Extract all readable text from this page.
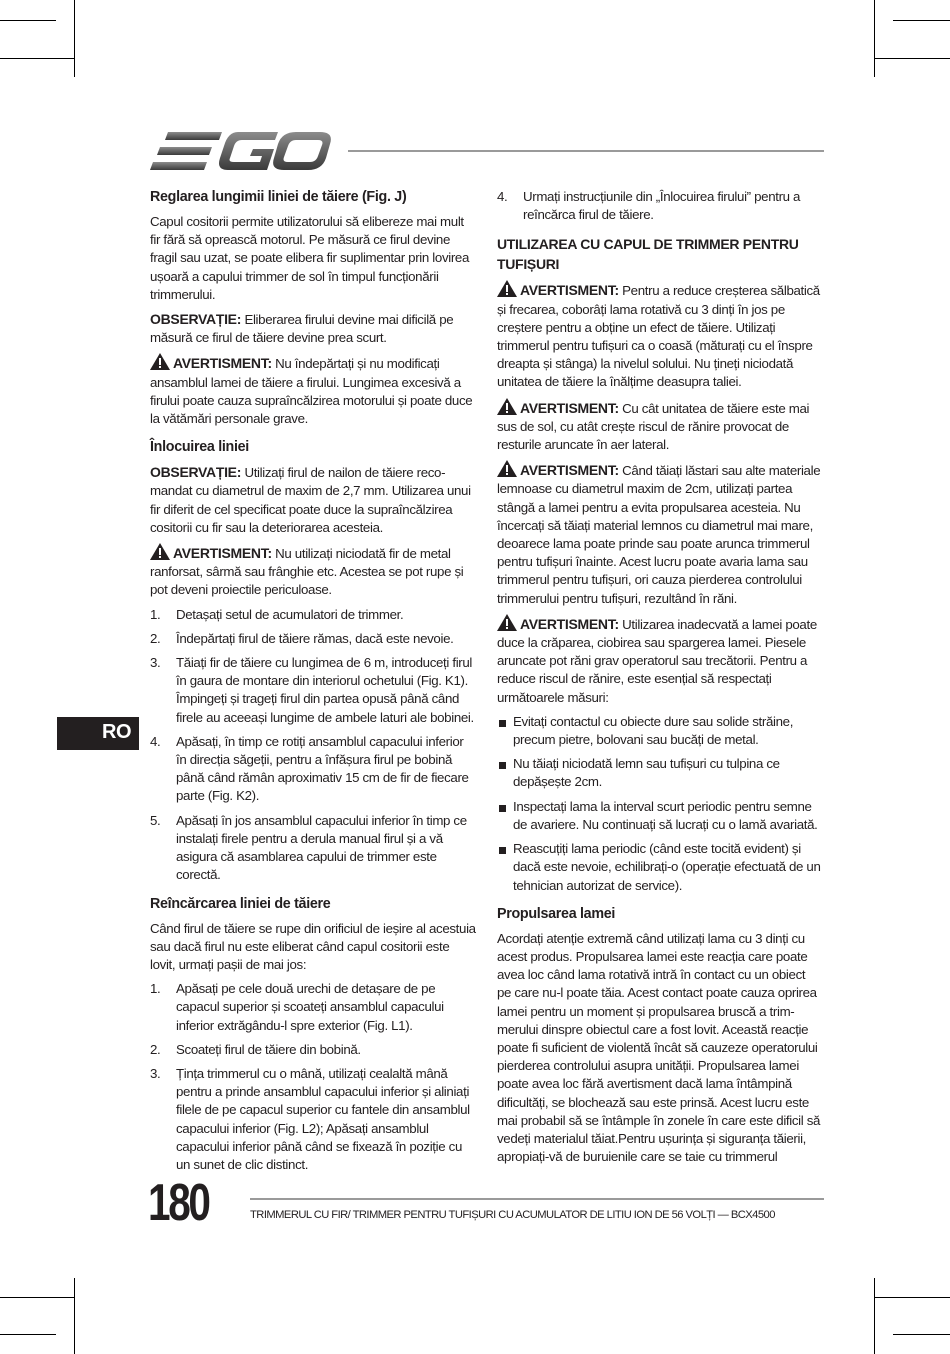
Reglarea lungimii liniei de tăiere (Fig. J)

Capul cositorii permite utilizatorului să elibereze mai mult fir fără să oprească motorul. Pe măsură ce firul devine fragil sau uzat, se poate elibera fir suplimentar prin lovirea ușoară a capului trimmer de sol în timpul funcționării trimmerului.

OBSERVAȚIE: Eliberarea firului devine mai dificilă pe măsură ce firul de tăiere devine prea scurt.

AVERTISMENT: Nu îndepărtați și nu modificați ansamblul lamei de tăiere a firului. Lungimea excesivă a firului poate cauza supraîncălzirea motorului și poate duce la vătămări personale grave.

Înlocuirea liniei

OBSERVAȚIE: Utilizați firul de nailon de tăiere reco-mandat cu diametrul de maxim de 2,7 mm. Utilizarea unui fir diferit de cel specificat poate duce la supraîncălzirea cositorii cu fir sau la deteriorarea acesteia.

AVERTISMENT: Nu utilizați niciodată fir de metal ranforsat, sârmă sau frânghie etc. Acestea se pot rupe și pot deveni proiectile periculoase.

1. Detașați setul de acumulatori de trimmer.
2. Îndepărtați firul de tăiere rămas, dacă este nevoie.
3. Tăiați fir de tăiere cu lungimea de 6 m, introduceți firul în gaura de montare din interiorul ochetului (Fig. K1). Împingeți și trageți firul din partea opusă până când firele au aceeași lungime de ambele laturi ale bobinei.
4. Apăsați, în timp ce rotiți ansamblul capacului inferior în direcția săgeții, pentru a înfășura firul pe bobină până când rămân aproximativ 15 cm de fir de fiecare parte (Fig. K2).
5. Apăsați în jos ansamblul capacului inferior în timp ce instalați firele pentru a derula manual firul și a vă asigura că asamblarea capului de trimmer este corectă.
Reîncărcarea liniei de tăiere

Când firul de tăiere se rupe din orificiul de ieșire al acestuia sau dacă firul nu este eliberat când capul cositorii este lovit, urmați pașii de mai jos:

1. Apăsați pe cele două urechi de detașare de pe capacul superior și scoateți ansamblul capacului inferior extrăgându-l spre exterior (Fig. L1).
2. Scoateți firul de tăiere din bobină.
3. Țința trimmerul cu o mână, utilizați cealaltă mână pentru a prinde ansamblul capacului inferior și aliniați filele de pe capacul superior cu fantele din ansamblul capacului inferior (Fig. L2); Apăsați ansamblul capacului inferior până când se fixează în poziție cu un sunet de clic distinct.
4. Urmați instrucțiunile din „Înlocuirea firului” pentru a reîncărca firul de tăiere.
UTILIZAREA CU CAPUL DE TRIMMER PENTRU TUFIȘURI

AVERTISMENT: Pentru a reduce creșterea sălbatică și frecarea, coborâți lama rotativă cu 3 dinți în jos pe creștere pentru a obține un efect de tăiere. Utilizați trimmerul pentru tufișuri ca o coasă (măturați cu el înspre dreapta și stânga) la nivelul solului. Nu țineți niciodată unitatea de tăiere la înălțime deasupra taliei.

AVERTISMENT: Cu cât unitatea de tăiere este mai sus de sol, cu atât crește riscul de rănire provocat de resturile aruncate în aer lateral.

AVERTISMENT: Când tăiați lăstari sau alte materiale lemnoase cu diametrul maxim de 2cm, utilizați partea stângă a lamei pentru a evita propulsarea acesteia. Nu încercați să tăiați material lemnos cu diametrul mai mare, deoarece lama poate prinde sau poate arunca trimmerul pentru tufișuri înainte. Acest lucru poate avaria lama sau trimmerul pentru tufișuri, ori cauza pierderea controlului trimmerului pentru tufișuri, rezultând în răni.

AVERTISMENT: Utilizarea inadecvată a lamei poate duce la crăparea, ciobirea sau spargerea lamei. Piesele aruncate pot răni grav operatorul sau trecătorii. Pentru a reduce riscul de rănire, este esențial să respectați următoarele măsuri:

Evitați contactul cu obiecte dure sau solide străine, precum pietre, bolovani sau bucăți de metal.
Nu tăiați niciodată lemn sau tufișuri cu tulpina ce depășește 2cm.
Inspectați lama la interval scurt periodic pentru semne de avariere. Nu continuați să lucrați cu o lamă avariată.
Reascuțiți lama periodic (când este tocită evident) și dacă este nevoie, echilibrați-o (operație efectuată de un tehnician autorizat de service).
Propulsarea lamei

Acordați atenție extremă când utilizați lama cu 3 dinți cu acest produs. Propulsarea lamei este reacția care poate avea loc când lama rotativă intră în contact cu un obiect pe care nu-l poate tăia. Acest contact poate cauza oprirea lamei pentru un moment și propulsarea bruscă a trim-merului dinspre obiectul care a fost lovit. Această reacție poate fi suficient de violentă încât să cauzeze operatorului pierderea controlului asupra unității. Propulsarea lamei poate avea loc fără avertisment dacă lama întâmpină dificultăți, se blochează sau este prinsă. Acest lucru este mai probabil să se întâmple în zonele în care este dificil să vedeți materialul tăiat.Pentru ușurința și siguranța tăierii, apropiați-vă de buruienile care se taie cu trimmerul

RO
180	TRIMMERUL CU FIR/ TRIMMER PENTRU TUFIȘURI CU ACUMULATOR DE LITIU ION DE 56 VOLȚI — BCX4500
